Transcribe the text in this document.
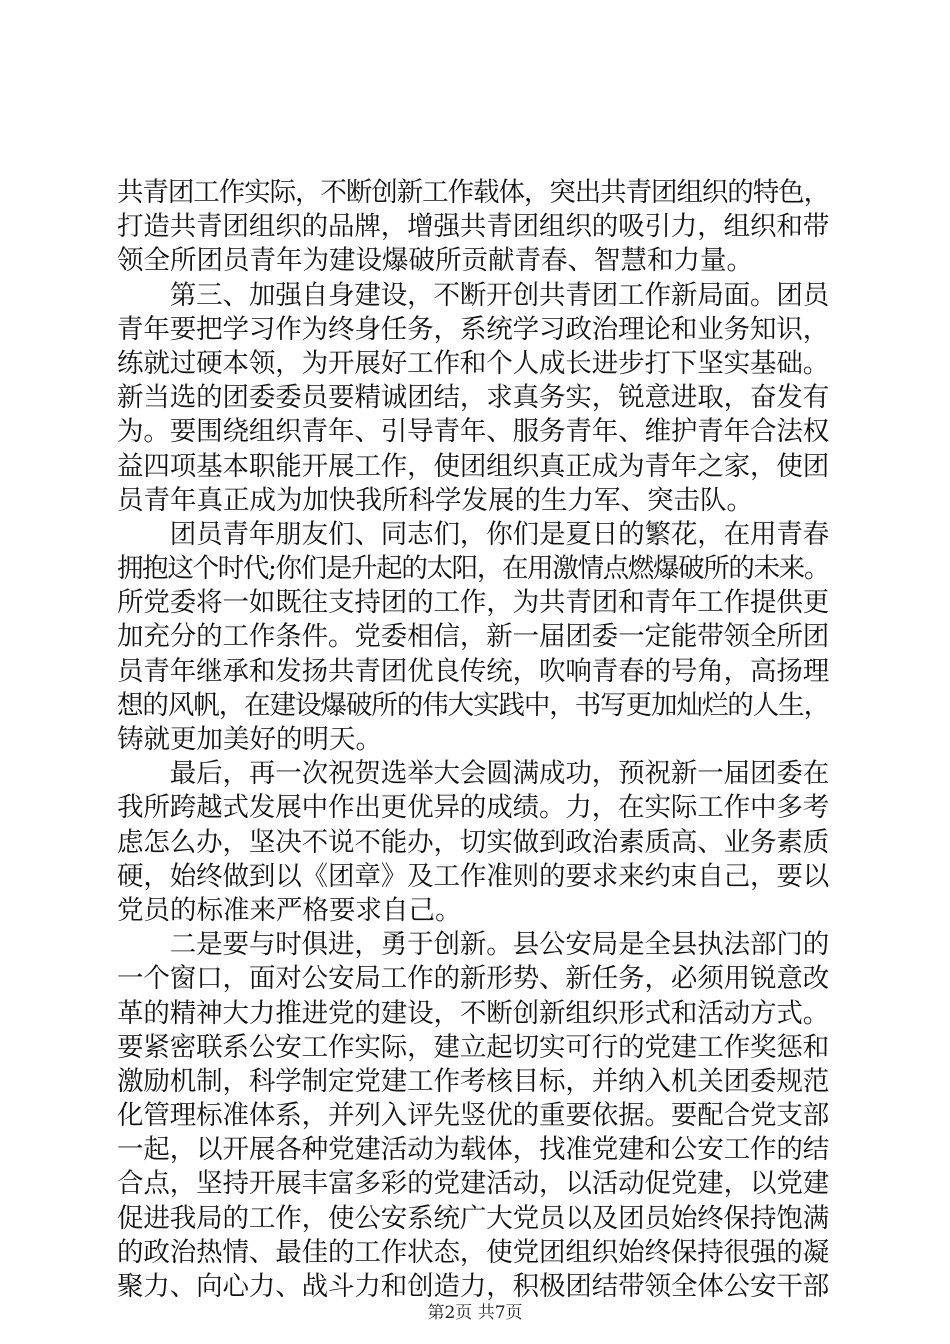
共青团工作实际，不断创新工作载体，突出共青团组织的特色，
打造共青团组织的品牌，增强共青团组织的吸引力，组织和带
领全所团员青年为建设爆破所贡献青春、智慧和力量。
　　第三、加强自身建设，不断开创共青团工作新局面。团员
青年要把学习作为终身任务，系统学习政治理论和业务知识，
练就过硬本领，为开展好工作和个人成长进步打下坚实基础。
新当选的团委委员要精诚团结，求真务实，锐意进取，奋发有
为。要围绕组织青年、引导青年、服务青年、维护青年合法权
益四项基本职能开展工作，使团组织真正成为青年之家，使团
员青年真正成为加快我所科学发展的生力军、突击队。
　　团员青年朋友们、同志们，你们是夏日的繁花，在用青春
拥抱这个时代;你们是升起的太阳，在用激情点燃爆破所的未来。
所党委将一如既往支持团的工作，为共青团和青年工作提供更
加充分的工作条件。党委相信，新一届团委一定能带领全所团
员青年继承和发扬共青团优良传统，吹响青春的号角，高扬理
想的风帆，在建设爆破所的伟大实践中，书写更加灿烂的人生，
铸就更加美好的明天。
　　最后，再一次祝贺选举大会圆满成功，预祝新一届团委在
我所跨越式发展中作出更优异的成绩。力，在实际工作中多考
虑怎么办，坚决不说不能办，切实做到政治素质高、业务素质
硬，始终做到以《团章》及工作准则的要求来约束自己，要以
党员的标准来严格要求自己。
　　二是要与时俱进，勇于创新。县公安局是全县执法部门的
一个窗口，面对公安局工作的新形势、新任务，必须用锐意改
革的精神大力推进党的建设，不断创新组织形式和活动方式。
要紧密联系公安工作实际，建立起切实可行的党建工作奖惩和
激励机制，科学制定党建工作考核目标，并纳入机关团委规范
化管理标准体系，并列入评先竖优的重要依据。要配合党支部
一起，以开展各种党建活动为载体，找准党建和公安工作的结
合点，坚持开展丰富多彩的党建活动，以活动促党建，以党建
促进我局的工作，使公安系统广大党员以及团员始终保持饱满
的政治热情、最佳的工作状态，使党团组织始终保持很强的凝
聚力、向心力、战斗力和创造力，积极团结带领全体公安干部
第2页 共7页
